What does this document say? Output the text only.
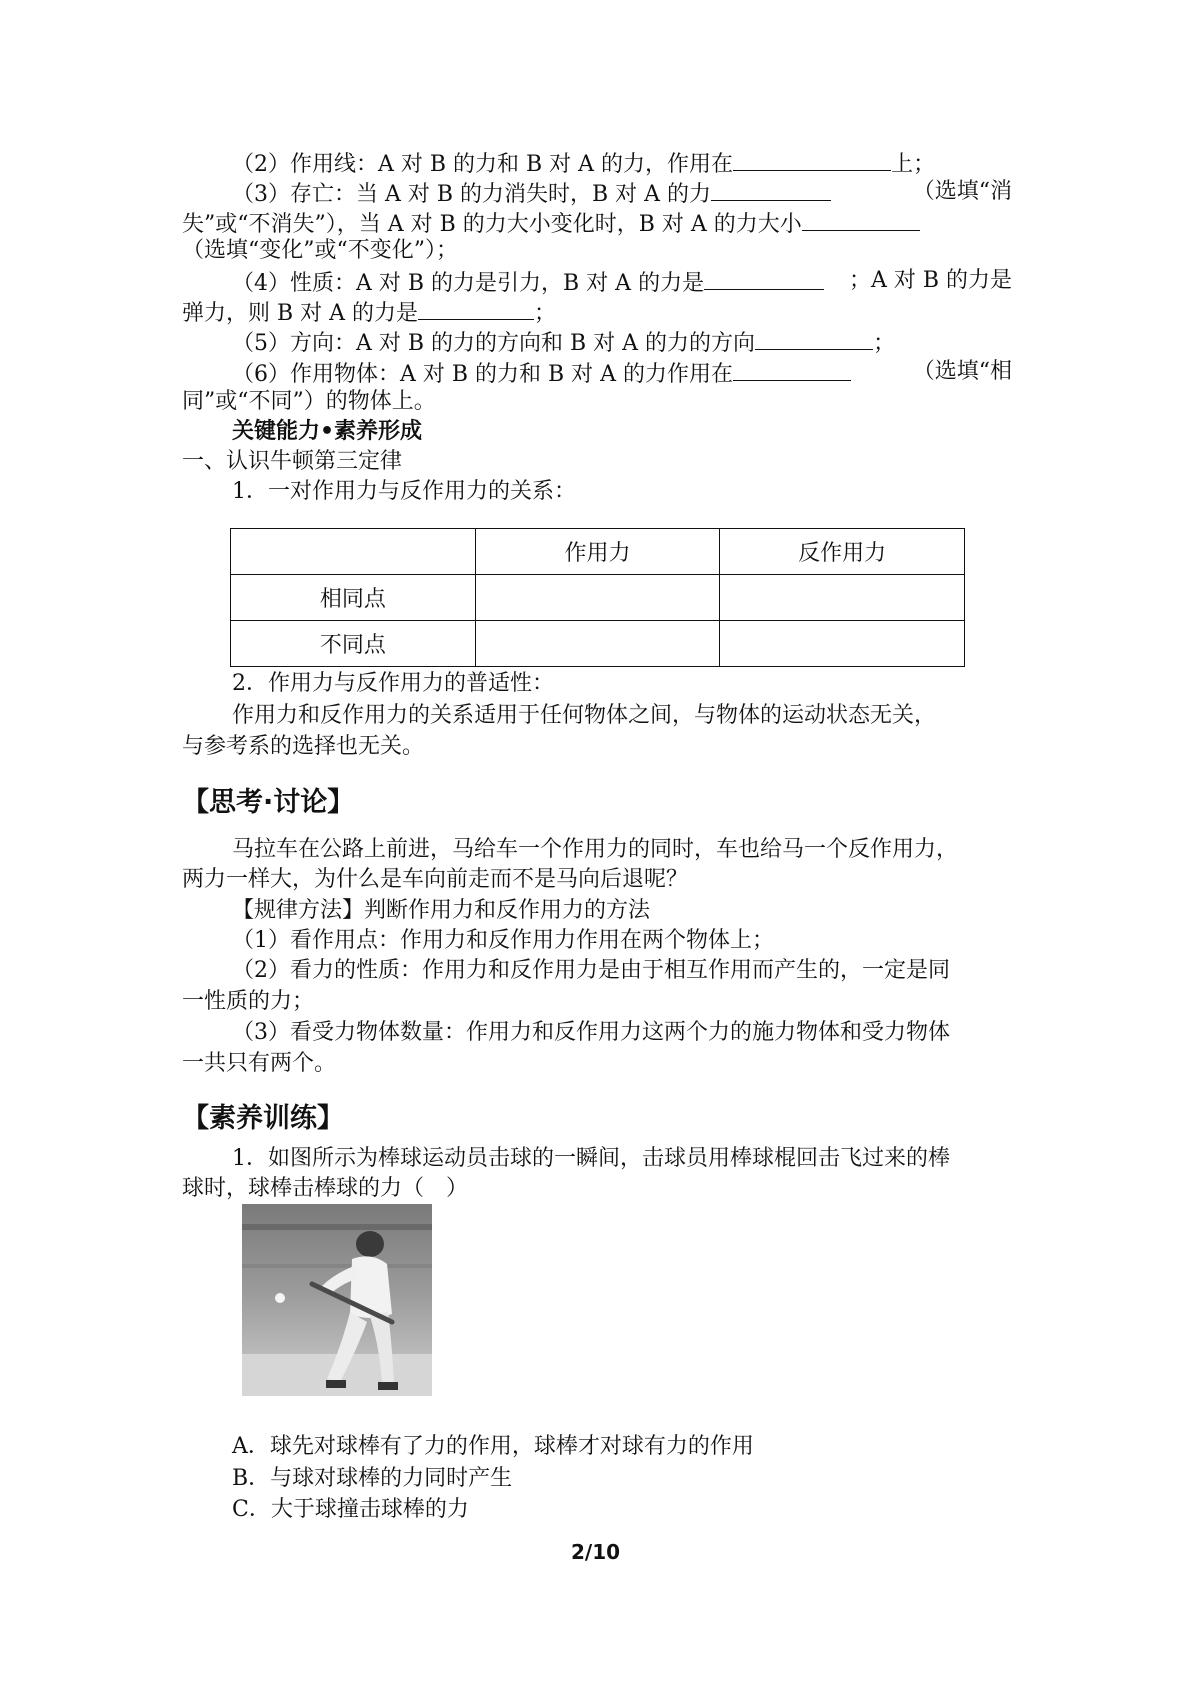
（2）作用线：A 对 B 的力和 B 对 A 的力，作用在	上；
（3）存亡：当 A 对 B 的力消失时，B 对 A 的力	（选填“消
失”或“不消失”），当 A 对 B 的力大小变化时，B 对 A 的力大小
（选填“变化”或“不变化”）；
（4）性质：A 对 B 的力是引力，B 对 A 的力是	；A 对 B 的力是
弹力，则 B 对 A 的力是	；
（5）方向：A 对 B 的力的方向和 B 对 A 的力的方向	；
（6）作用物体：A 对 B 的力和 B 对 A 的力作用在	（选填“相
同”或“不同”）的物体上。
关键能力•素养形成
一、认识牛顿第三定律
1．一对作用力与反作用力的关系：
	作用力	反作用力
相同点		
不同点		
2．作用力与反作用力的普适性：
作用力和反作用力的关系适用于任何物体之间，与物体的运动状态无关，
与参考系的选择也无关。
【思考·讨论】
马拉车在公路上前进，马给车一个作用力的同时，车也给马一个反作用力，
两力一样大，为什么是车向前走而不是马向后退呢？
【规律方法】判断作用力和反作用力的方法
（1）看作用点：作用力和反作用力作用在两个物体上；
（2）看力的性质：作用力和反作用力是由于相互作用而产生的，一定是同
一性质的力；
（3）看受力物体数量：作用力和反作用力这两个力的施力物体和受力物体
一共只有两个。
【素养训练】
1．如图所示为棒球运动员击球的一瞬间，击球员用棒球棍回击飞过来的棒
球时，球棒击棒球的力（　）
A．球先对球棒有了力的作用，球棒才对球有力的作用
B．与球对球棒的力同时产生
C．大于球撞击球棒的力
2/10
